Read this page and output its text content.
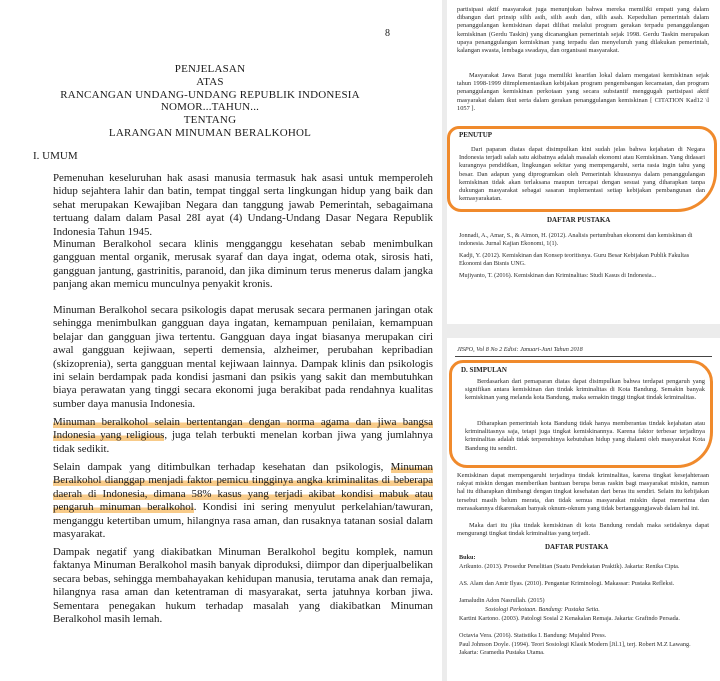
8
PENJELASAN
ATAS
RANCANGAN UNDANG-UNDANG REPUBLIK INDONESIA
NOMOR...TAHUN...
TENTANG
LARANGAN MINUMAN BERALKOHOL
I. UMUM
Pemenuhan keseluruhan hak asasi manusia termasuk hak asasi untuk memperoleh hidup sejahtera lahir dan batin, tempat tinggal serta lingkungan hidup yang baik dan sehat merupakan Kewajiban Negara dan tanggung jawab Pemerintah, sebagaimana tertuang dalam dalam Pasal 28I ayat (4) Undang-Undang Dasar Negara Republik Indonesia Tahun 1945.
Minuman Beralkohol secara klinis mengganggu kesehatan sebab menimbulkan gangguan mental organik, merusak syaraf dan daya ingat, odema otak, sirosis hati, gangguan jantung, gastrinitis, paranoid, dan jika diminum terus menerus dalam jangka panjang akan memicu munculnya penyakit kronis.
Minuman Beralkohol secara psikologis dapat merusak secara permanen jaringan otak sehingga menimbulkan gangguan daya ingatan, kemampuan penilaian, kemampuan belajar dan gangguan jiwa tertentu. Gangguan daya ingat biasanya merupakan ciri awal gangguan kejiwaan, seperti demensia, alzheimer, perubahan kepribadian (skizoprenia), serta gangguan mental kejiwaan lainnya. Dampak klinis dan psikologis ini selain berdampak pada kondisi jasmani dan psikis yang sakit dan membutuhkan biaya perawatan yang tinggi secara ekonomi juga berakibat pada rendahnya kualitas sumber daya manusia Indonesia.
Minuman beralkohol selain bertentangan dengan norma agama dan jiwa bangsa Indonesia yang religious, juga telah terbukti menelan korban jiwa yang jumlahnya tidak sedikit.
Selain dampak yang ditimbulkan terhadap kesehatan dan psikologis, Minuman Beralkohol dianggap menjadi faktor pemicu tingginya angka kriminalitas di beberapa daerah di Indonesia, dimana 58% kasus yang terjadi akibat kondisi mabuk atau pengaruh minuman beralkohol. Kondisi ini sering menyulut perkelahian/tawuran, menganggu ketertiban umum, hilangnya rasa aman, dan rusaknya tatanan sosial dalam masyarakat.
Dampak negatif yang diakibatkan Minuman Beralkohol begitu komplek, namun faktanya Minuman Beralkohol masih banyak diproduksi, diimpor dan diperjualbelikan secara bebas, sehingga membahayakan kehidupan manusia, terutama anak dan remaja, hilangnya rasa aman dan ketentraman di masyarakat, serta jatuhnya korban jiwa. Sementara penegakan hukum terhadap masalah yang diakibatkan Minuman Beralkohol masih lemah.
partisipasi aktif masyarakat juga menunjukan bahwa mereka memiliki empati yang dalam dibangun dari prinsip silih asih, silih asuh dan, silih asah. Kepedulian pemerintah dalam penanggulangan kemiskinan dapat dilihat melalui program gerakan terpadu penanggulangan kemiskinan (Gerdu Taskin) yang dicanangkan pemerintah sejak 1998. Gerdu Taskin merupakan upaya penanggulangan kemiskinan yang terpadu dan menyeluruh yang dilakukan pemerintah, kalangan swasta, lembaga swadaya, dan organisasi masyarakat.
Masyarakat Jawa Barat juga memiliki kearifan lokal dalam mengatasi kemiskinan sejak tahun 1998-1999 diimplementasikan kebijakan program pengembangan kecamatan, dan program penanggulangan kemiskinan perkotaan yang secara substantif menggugah partisipasi aktif masyarakat dalam ikut serta dalam gerakan penanggulangan kemiskinan [ CITATION Kad12 \l 1057 ].
PENUTUP
Dari paparan diatas dapat disimpulkan kini sudah jelas bahwa kejahatan di Negara Indonesia terjadi salah satu akibatnya adalah masalah ekonomi atau Kemiskinan. Yang didasari kurangnya pendidikan, lingkungan sekitar yang mempengaruhi, serta rasia ingin tahu yang besar. Dan adapun yang diprogramkan oleh Pemerintah khususnya dalam penanggulangan kemiskinan tidak akan terlaksana maupun tercapai dengan sesuai yang diharapkan tanpa dukungan masyarakat sebagai sasaran implementasi setiap kebijakan pembangunan dan kemasyarakatan.
DAFTAR PUSTAKA
Jonnadi, A., Amar, S., & Aimon, H. (2012). Analisis pertumbuhan ekonomi dan kemiskinan di indonesia. Jurnal Kajian Ekonomi, 1(1).
Kadji, Y. (2012). Kemiskinan dan Konsep teoritisnya. Guru Besar Kebijakan Publik Fakultas Ekonomi dan Bisnis UNG.
Mujiyanto, T. (2016). Kemiskinan dan Kriminalitas: Studi Kasus di Indonesia...
JISPO, Vol 8 No 2 Edisi: Januari-Juni Tahun 2018
D. SIMPULAN
Berdasarkan dari pemaparan diatas dapat disimpulkan bahwa terdapat pengaruh yang signifikan antara kemiskinan dan tindak kriminalitas di Kota Bandung. Semakin banyak kemiskinan yang melanda kota Bandung, maka semakin tinggi tingkat tindak kriminalitas.
Diharapkan pemerintah kota Bandung tidak hanya memberantas tindak kejahatan atau kriminalitasnya saja, tetapi juga tingkat kemiskinannya. Karena faktor terbesar terjadinya kriminalitas adalah tidak terpenuhinya kebutuhan hidup yang dialami oleh masyarakat Kota Bandung itu sendiri.
Kemiskinan dapat mempengaruhi terjadinya tindak kriminalitas, karena tingkat kesejahteraan rakyat miskin dengan memberikan bantuan berupa beras raskin bagi masyarakat miskin, namun hal itu diharapkan diimbangi dengan tingkat kesehatan dari beras itu sendiri. Selain itu kebijakan tersebut masih belum merata, dan tidak semua masyarakat miskin dapat menerima dan merasakannya dikarenakan banyak oknum-oknum yang tidak bertanggungjawab dalam hal ini.
Maka dari itu jika tindak kemiskinan di kota Bandung rendah maka setidaknya dapat mengurangi tingkat tindak kriminalitas yang terjadi.
DAFTAR PUSTAKA
Buku:
Arikunto. (2013). Prosedur Penelitian (Suatu Pendekatan Praktik). Jakarta: Renika Cipta.
AS. Alam dan Amir Ilyas. (2010). Pengantar Kriminologi. Makassar: Pustaka Refleksi.
Jamaludin Adon Nasrullah. (2015)
Sosiologi Perkotaan. Bandung: Pustaka Setia.
Kartini Kartono. (2003). Patologi Sosial 2 Kenakalan Remaja. Jakarta: Grafindo Persada.
Octavia Vera. (2016). Statistika I. Bandung: Mujahid Press.
Paul Johnson Doyle. (1994). Teori Sosiologi Klasik Modern [Jil.1], terj. Robert M.Z Lawang. Jakarta: Gramedia Pustaka Utama.
